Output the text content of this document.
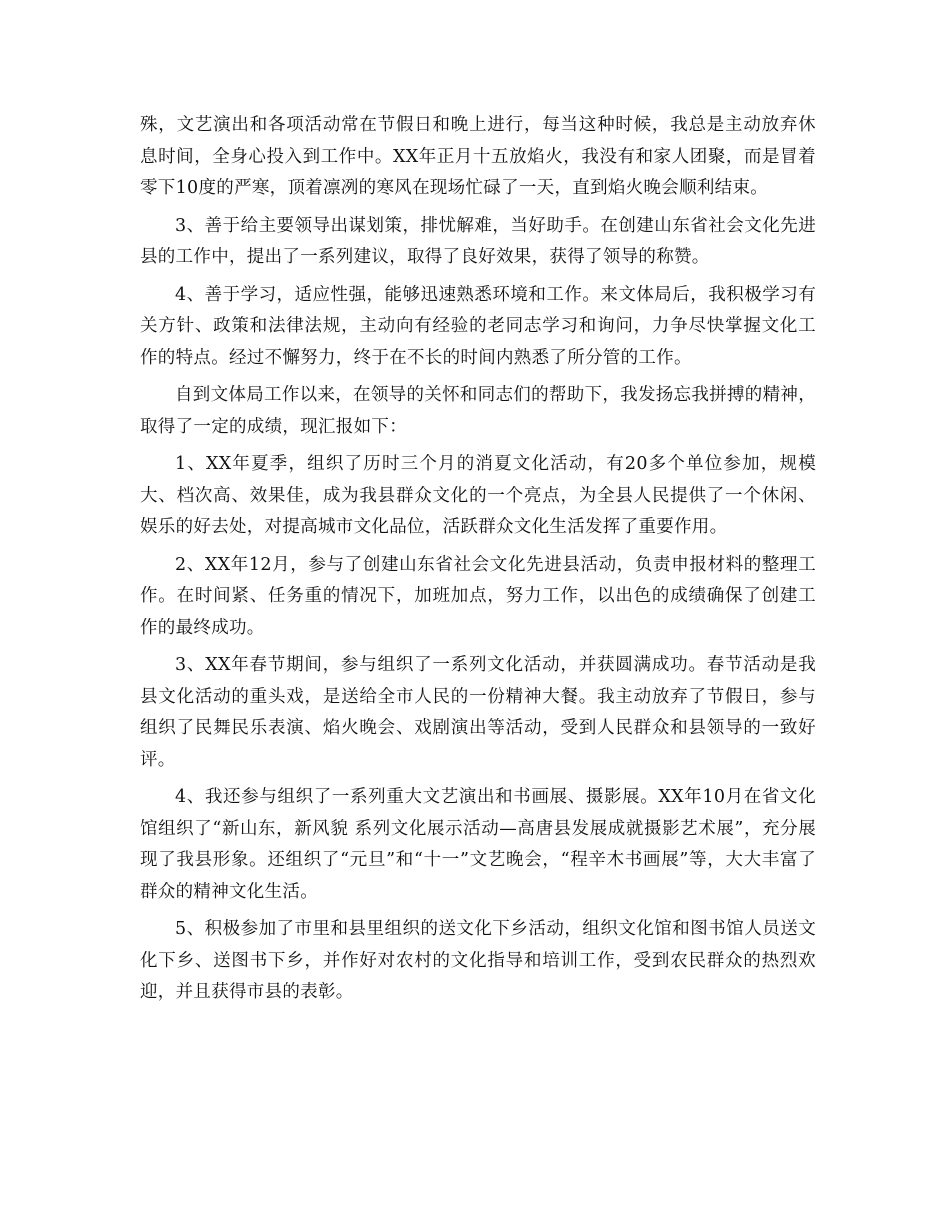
殊，文艺演出和各项活动常在节假日和晚上进行，每当这种时候，我总是主动放弃休息时间，全身心投入到工作中。XX年正月十五放焰火，我没有和家人团聚，而是冒着零下10度的严寒，顶着凛冽的寒风在现场忙碌了一天，直到焰火晚会顺利结束。

3、善于给主要领导出谋划策，排忧解难，当好助手。在创建山东省社会文化先进县的工作中，提出了一系列建议，取得了良好效果，获得了领导的称赞。

4、善于学习，适应性强，能够迅速熟悉环境和工作。来文体局后，我积极学习有关方针、政策和法律法规，主动向有经验的老同志学习和询问，力争尽快掌握文化工作的特点。经过不懈努力，终于在不长的时间内熟悉了所分管的工作。

自到文体局工作以来，在领导的关怀和同志们的帮助下，我发扬忘我拼搏的精神，取得了一定的成绩，现汇报如下：

1、XX年夏季，组织了历时三个月的消夏文化活动，有20多个单位参加，规模大、档次高、效果佳，成为我县群众文化的一个亮点，为全县人民提供了一个休闲、娱乐的好去处，对提高城市文化品位，活跃群众文化生活发挥了重要作用。

2、XX年12月，参与了创建山东省社会文化先进县活动，负责申报材料的整理工作。在时间紧、任务重的情况下，加班加点，努力工作，以出色的成绩确保了创建工作的最终成功。

3、XX年春节期间，参与组织了一系列文化活动，并获圆满成功。春节活动是我县文化活动的重头戏，是送给全市人民的一份精神大餐。我主动放弃了节假日，参与组织了民舞民乐表演、焰火晚会、戏剧演出等活动，受到人民群众和县领导的一致好评。

4、我还参与组织了一系列重大文艺演出和书画展、摄影展。XX年10月在省文化馆组织了“新山东，新风貌 系列文化展示活动—高唐县发展成就摄影艺术展”，充分展现了我县形象。还组织了“元旦”和“十一”文艺晚会，“程辛木书画展”等，大大丰富了群众的精神文化生活。

5、积极参加了市里和县里组织的送文化下乡活动，组织文化馆和图书馆人员送文化下乡、送图书下乡，并作好对农村的文化指导和培训工作，受到农民群众的热烈欢迎，并且获得市县的表彰。
